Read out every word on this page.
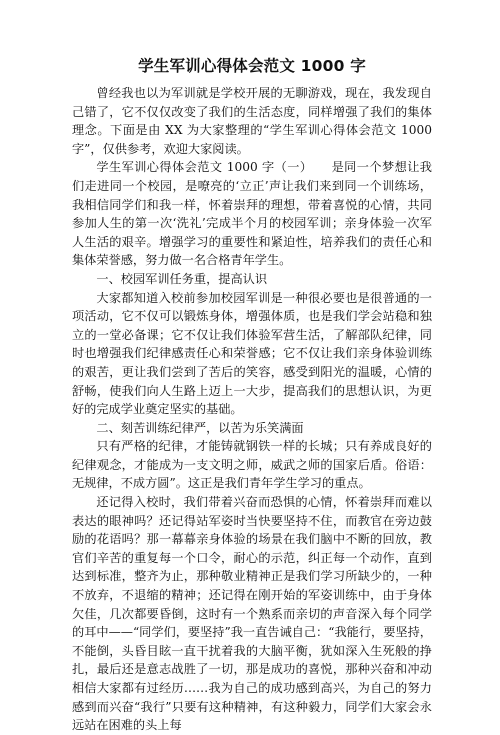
学生军训心得体会范文 1000 字

曾经我也以为军训就是学校开展的无聊游戏，现在，我发现自己错了，它不仅仅改变了我们的生活态度，同样增强了我们的集体理念。下面是由 XX 为大家整理的“学生军训心得体会范文 1000 字”，仅供参考，欢迎大家阅读。

学生军训心得体会范文 1000 字（一）　　是同一个梦想让我们走进同一个校园，是嘹亮的‘立正’声让我们来到同一个训练场，我相信同学们和我一样，怀着崇拜的理想，带着喜悦的心情，共同参加人生的第一次‘洗礼’完成半个月的校园军训；亲身体验一次军人生活的艰辛。增强学习的重要性和紧迫性，培养我们的责任心和集体荣誉感，努力做一名合格青年学生。

一、校园军训任务重，提高认识

大家都知道入校前参加校园军训是一种很必要也是很普通的一项活动，它不仅可以锻炼身体，增强体质，也是我们学会站稳和独立的一堂必备课；它不仅让我们体验军营生活，了解部队纪律，同时也增强我们纪律感责任心和荣誉感；它不仅让我们亲身体验训练的艰苦，更让我们尝到了苦后的笑容，感受到阳光的温暖，心情的舒畅，使我们向人生路上迈上一大步，提高我们的思想认识，为更好的完成学业奠定坚实的基础。

二、刻苦训练纪律严，以苦为乐笑满面

只有严格的纪律，才能铸就钢铁一样的长城；只有养成良好的纪律观念，才能成为一支文明之师，威武之师的国家后盾。俗语：无规律，不成方圆”。这正是我们青年学生学习的重点。

还记得入校时，我们带着兴奋而恐惧的心情，怀着崇拜而难以表达的眼神吗？还记得站军姿时当快要坚持不住，而教官在旁边鼓励的花语吗？那一幕幕亲身体验的场景在我们脑中不断的回放，教官们辛苦的重复每一个口令，耐心的示范，纠正每一个动作，直到达到标准，整齐为止，那种敬业精神正是我们学习所缺少的，一种不放弃，不退缩的精神；还记得在刚开始的军姿训练中，由于身体欠佳，几次都要昏倒，这时有一个熟系而亲切的声音深入每个同学的耳中——“同学们，要坚持”我一直告诫自己：“我能行，要坚持，不能倒，头昏目眩一直干扰着我的大脑平衡，犹如深入生死般的挣扎，最后还是意志战胜了一切，那是成功的喜悦，那种兴奋和冲动相信大家都有过经历……我为自己的成功感到高兴，为自己的努力感到而兴奋“我行”只要有这种精神，有这种毅力，同学们大家会永远站在困难的头上每
